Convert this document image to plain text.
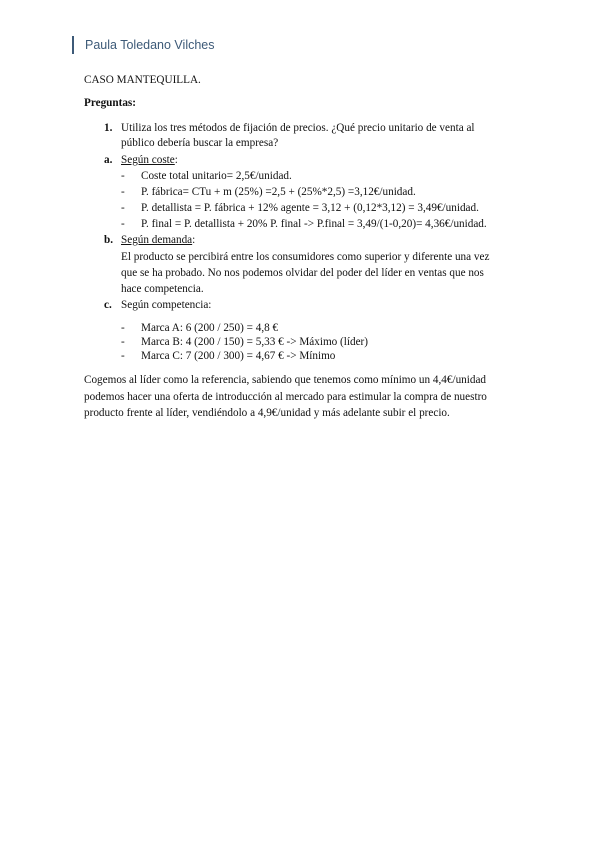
Paula Toledano Vilches
CASO MANTEQUILLA.
Preguntas:
1. Utiliza los tres métodos de fijación de precios. ¿Qué precio unitario de venta al
público debería buscar la empresa?
a. Según coste:
- Coste total unitario= 2,5€/unidad.
- P. fábrica= CTu + m (25%) =2,5 + (25%*2,5) =3,12€/unidad.
- P. detallista = P. fábrica + 12% agente = 3,12 + (0,12*3,12) = 3,49€/unidad.
- P. final = P. detallista + 20% P. final -> P.final = 3,49/(1-0,20)= 4,36€/unidad.
b. Según demanda:
El producto se percibirá entre los consumidores como superior y diferente una vez
que se ha probado. No nos podemos olvidar del poder del líder en ventas que nos
hace competencia.
c. Según competencia:
- Marca A: 6 (200 / 250) = 4,8 €
- Marca B: 4 (200 / 150) = 5,33 € -> Máximo (líder)
- Marca C: 7 (200 / 300) = 4,67 € -> Mínimo
Cogemos al líder como la referencia, sabiendo que tenemos como mínimo un 4,4€/unidad
podemos hacer una oferta de introducción al mercado para estimular la compra de nuestro
producto frente al líder, vendiéndolo a 4,9€/unidad y más adelante subir el precio.
